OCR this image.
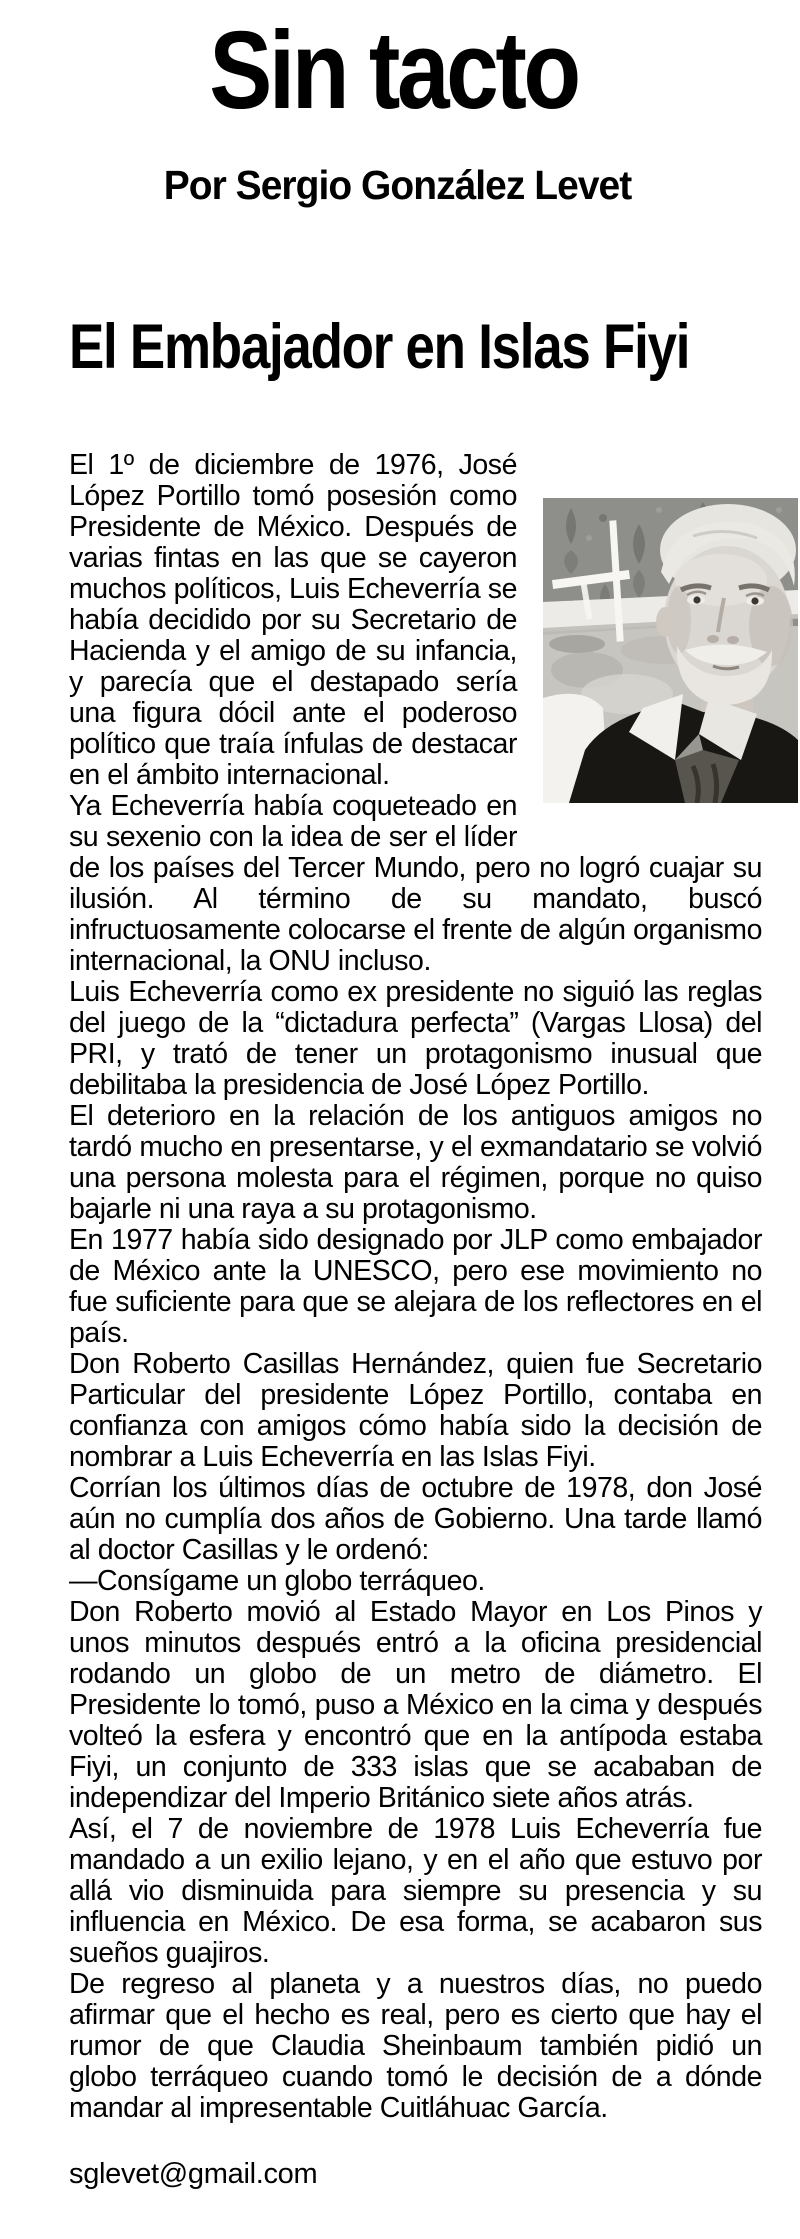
Sin tacto
Por Sergio González Levet
El Embajador en Islas Fiyi

El 1º de diciembre de 1976, José López Portillo tomó posesión como Presidente de México. Después de varias fintas en las que se cayeron muchos políticos, Luis Echeverría se había decidido por su Secretario de Hacienda y el amigo de su infancia, y parecía que el destapado sería una figura dócil ante el poderoso político que traía ínfulas de destacar en el ámbito internacional.

Ya Echeverría había coqueteado en su sexenio con la idea de ser el líder de los países del Tercer Mundo, pero no logró cuajar su ilusión. Al término de su mandato, buscó infructuosamente colocarse el frente de algún organismo internacional, la ONU incluso.

Luis Echeverría como ex presidente no siguió las reglas del juego de la “dictadura perfecta” (Vargas Llosa) del PRI, y trató de tener un protagonismo inusual que debilitaba la presidencia de José López Portillo.

El deterioro en la relación de los antiguos amigos no tardó mucho en presentarse, y el exmandatario se volvió una persona molesta para el régimen, porque no quiso bajarle ni una raya a su protagonismo.

En 1977 había sido designado por JLP como embajador de México ante la UNESCO, pero ese movimiento no fue suficiente para que se alejara de los reflectores en el país.

Don Roberto Casillas Hernández, quien fue Secretario Particular del presidente López Portillo, contaba en confianza con amigos cómo había sido la decisión de nombrar a Luis Echeverría en las Islas Fiyi.

Corrían los últimos días de octubre de 1978, don José aún no cumplía dos años de Gobierno. Una tarde llamó al doctor Casillas y le ordenó:

—Consígame un globo terráqueo.

Don Roberto movió al Estado Mayor en Los Pinos y unos minutos después entró a la oficina presidencial rodando un globo de un metro de diámetro. El Presidente lo tomó, puso a México en la cima y después volteó la esfera y encontró que en la antípoda estaba Fiyi, un conjunto de 333 islas que se acababan de independizar del Imperio Británico siete años atrás.

Así, el 7 de noviembre de 1978 Luis Echeverría fue mandado a un exilio lejano, y en el año que estuvo por allá vio disminuida para siempre su presencia y su influencia en México. De esa forma, se acabaron sus sueños guajiros.

De regreso al planeta y a nuestros días, no puedo afirmar que el hecho es real, pero es cierto que hay el rumor de que Claudia Sheinbaum también pidió un globo terráqueo cuando tomó le decisión de a dónde mandar al impresentable Cuitláhuac García.

sglevet@gmail.com
